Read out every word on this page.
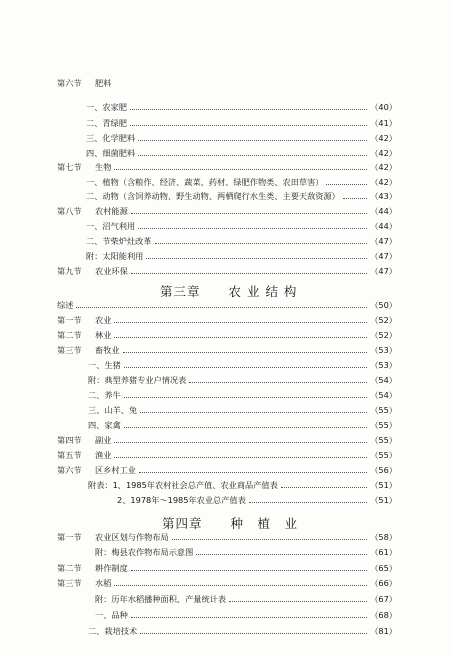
第六节	肥料
一、农家肥	（40）
二、青绿肥	（41）
三、化学肥料	（42）
四、细菌肥料	（42）
第七节	生物	（42）
一、植物（含粮作、经济、蔬菜、药材、绿肥作物类、农田草害）	（42）
二、动物（含饲养动物、野生动物、两栖爬行水生类、主要天敌资源）	（43）
第八节	农村能源	（44）
一、沼气利用	（44）
二、节柴炉灶改革	（47）
附：太阳能利用	（47）
第九节	农业环保	（47）
第三章 农 业 结 构
综述	（50）
第一节	农业	（52）
第二节	林业	（52）
第三节	畜牧业	（53）
一、生猪	（53）
附：典型养猪专业户情况表	（54）
二、养牛	（54）
三、山羊、兔	（55）
四、家禽	（55）
第四节	副业	（55）
第五节	渔业	（55）
第六节	区乡村工业	（56）
附表：1、1985年农村社会总产值、农业商品产值表	（51）
2、1978年～1985年农业总产值表	（51）
第四章 种　植　业
第一节	农业区划与作物布局	（58）
附：梅县农作物布局示意图	（61）
第二节	耕作制度	（65）
第三节	水稻	（66）
附：历年水稻播种面积、产量统计表	（67）
一、品种	（68）
二、栽培技术	（81）
